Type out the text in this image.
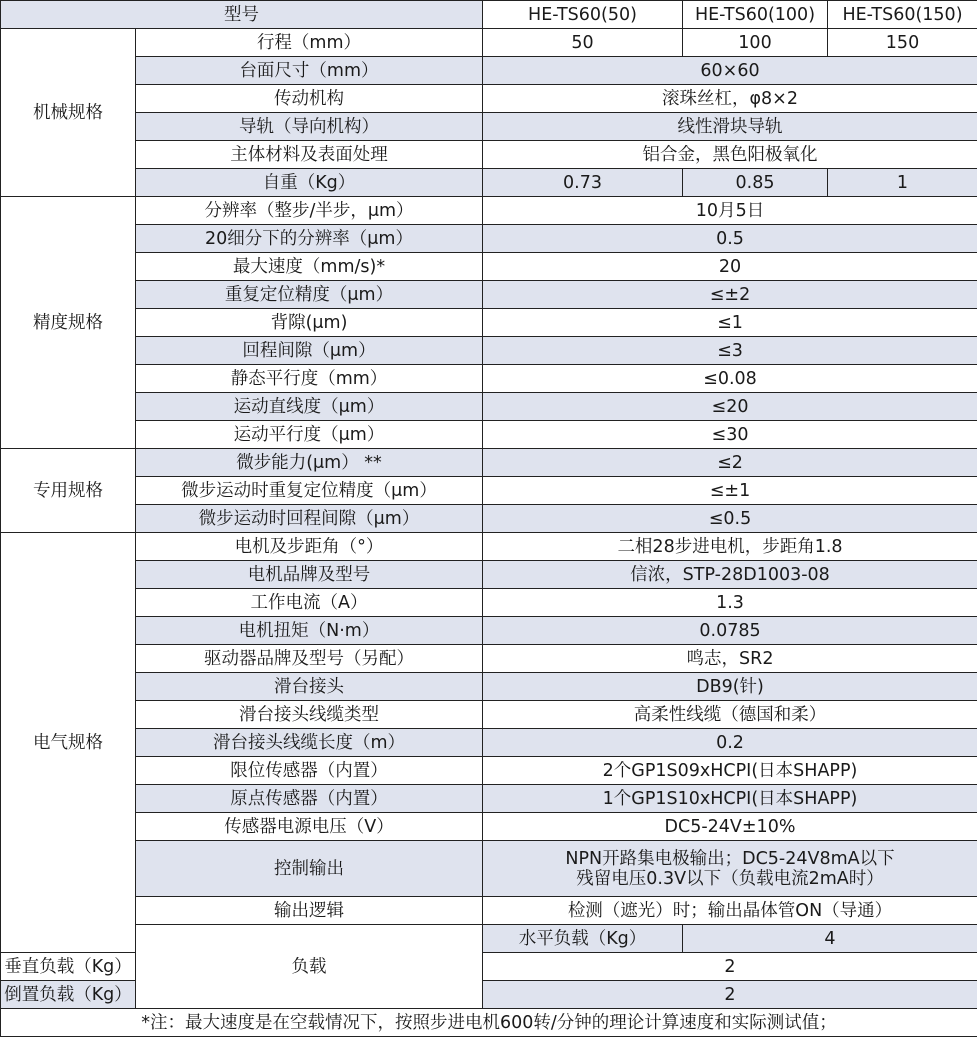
型号		HE-TS60(50)	HE-TS60(100)	HE-TS60(150)
机械规格	行程（mm）	50	100	150
	台面尺寸（mm）	60×60		
	传动机构	滚珠丝杠，φ8×2		
	导轨（导向机构）	线性滑块导轨		
	主体材料及表面处理	铝合金，黑色阳极氧化		
	自重（Kg）	0.73	0.85	1
精度规格	分辨率（整步/半步，μm）	10月5日		
	20细分下的分辨率（μm）	0.5		
	最大速度（mm/s)*	20		
	重复定位精度（μm）	≤±2		
	背隙(μm)	≤1		
	回程间隙（μm）	≤3		
	静态平行度（mm）	≤0.08		
	运动直线度（μm）	≤20		
	运动平行度（μm）	≤30		
专用规格	微步能力(μm） **	≤2		
	微步运动时重复定位精度（μm）	≤±1		
	微步运动时回程间隙（μm）	≤0.5		
电气规格	电机及步距角（°）	二相28步进电机，步距角1.8		
	电机品牌及型号	信浓，STP-28D1003-08		
	工作电流（A）	1.3		
	电机扭矩（N·m）	0.0785		
	驱动器品牌及型号（另配）	鸣志，SR2		
	滑台接头	DB9(针)		
	滑台接头线缆类型	高柔性线缆（德国和柔）		
	滑台接头线缆长度（m）	0.2		
	限位传感器（内置）	2个GP1S09xHCPI(日本SHAPP)		
	原点传感器（内置）	1个GP1S10xHCPI(日本SHAPP)		
	传感器电源电压（V）	DC5-24V±10%		
	控制输出	NPN开路集电极输出；DC5-24V8mA以下
残留电压0.3V以下（负载电流2mA时）		

	输出逻辑	检测（遮光）时；输出晶体管ON（导通）		
	负载	水平负载（Kg）	4	
垂直负载（Kg）		2		
倒置负载（Kg）		2		
*注：最大速度是在空载情况下，按照步进电机600转/分钟的理论计算速度和实际测试值；				
